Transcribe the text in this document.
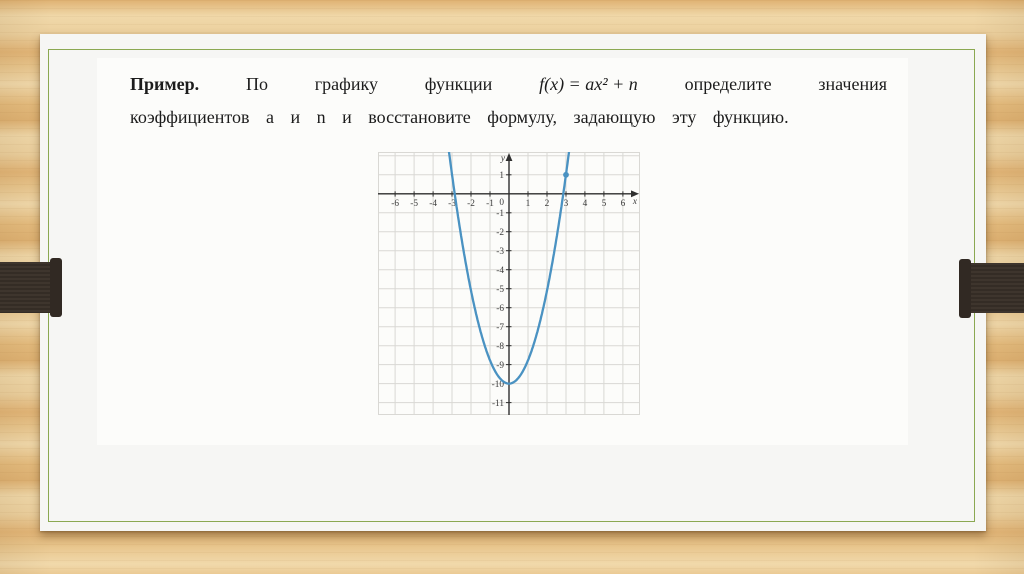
Пример.	По	графику	функции	f(x) = ax² + n	определите	значения
коэффициентов a и n и восстановите формулу, задающую эту функцию.
-6 -5 -4 -3 -2 -1 0 1 2 3 4 5 6
1
-1
-2
-3
-4
-5
-6
-7
-8
-9
-10
-11
x
y
